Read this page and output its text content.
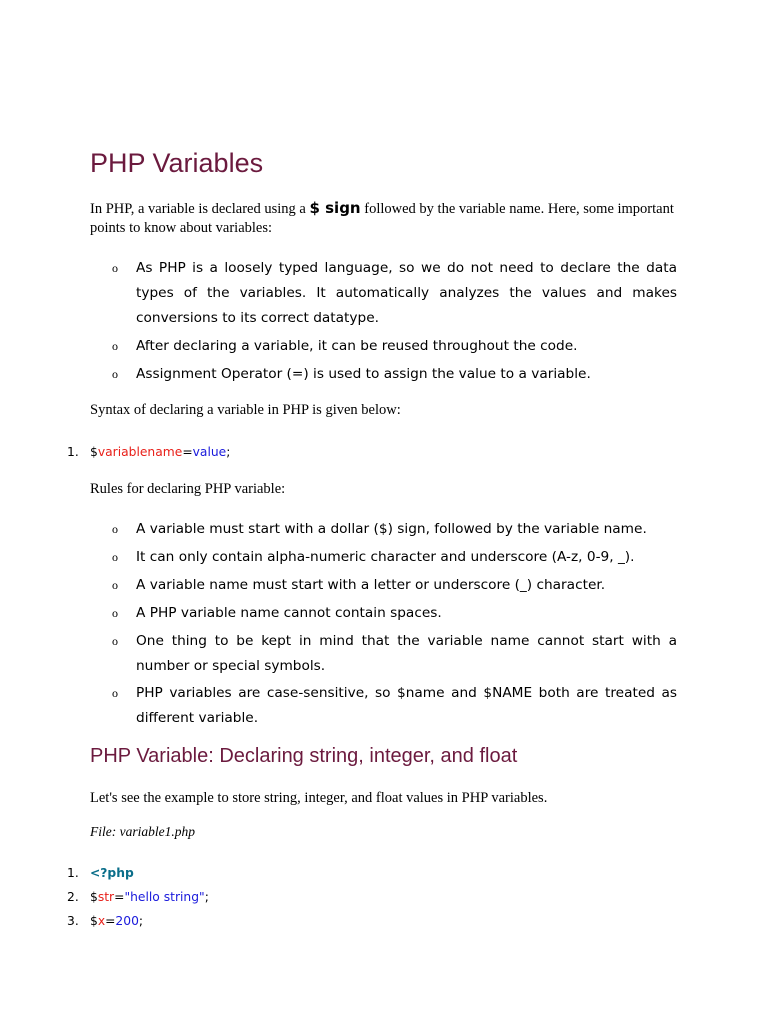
PHP Variables

In PHP, a variable is declared using a $ sign followed by the variable name. Here, some important points to know about variables:

o As PHP is a loosely typed language, so we do not need to declare the data types of the variables. It automatically analyzes the values and makes conversions to its correct datatype.
o After declaring a variable, it can be reused throughout the code.
o Assignment Operator (=) is used to assign the value to a variable.

Syntax of declaring a variable in PHP is given below:

1. $variablename=value;

Rules for declaring PHP variable:

o A variable must start with a dollar ($) sign, followed by the variable name.
o It can only contain alpha-numeric character and underscore (A-z, 0-9, _).
o A variable name must start with a letter or underscore (_) character.
o A PHP variable name cannot contain spaces.
o One thing to be kept in mind that the variable name cannot start with a number or special symbols.
o PHP variables are case-sensitive, so $name and $NAME both are treated as different variable.
PHP Variable: Declaring string, integer, and float

Let's see the example to store string, integer, and float values in PHP variables.

File: variable1.php

1. <?php
2. $str="hello string";
3. $x=200;
